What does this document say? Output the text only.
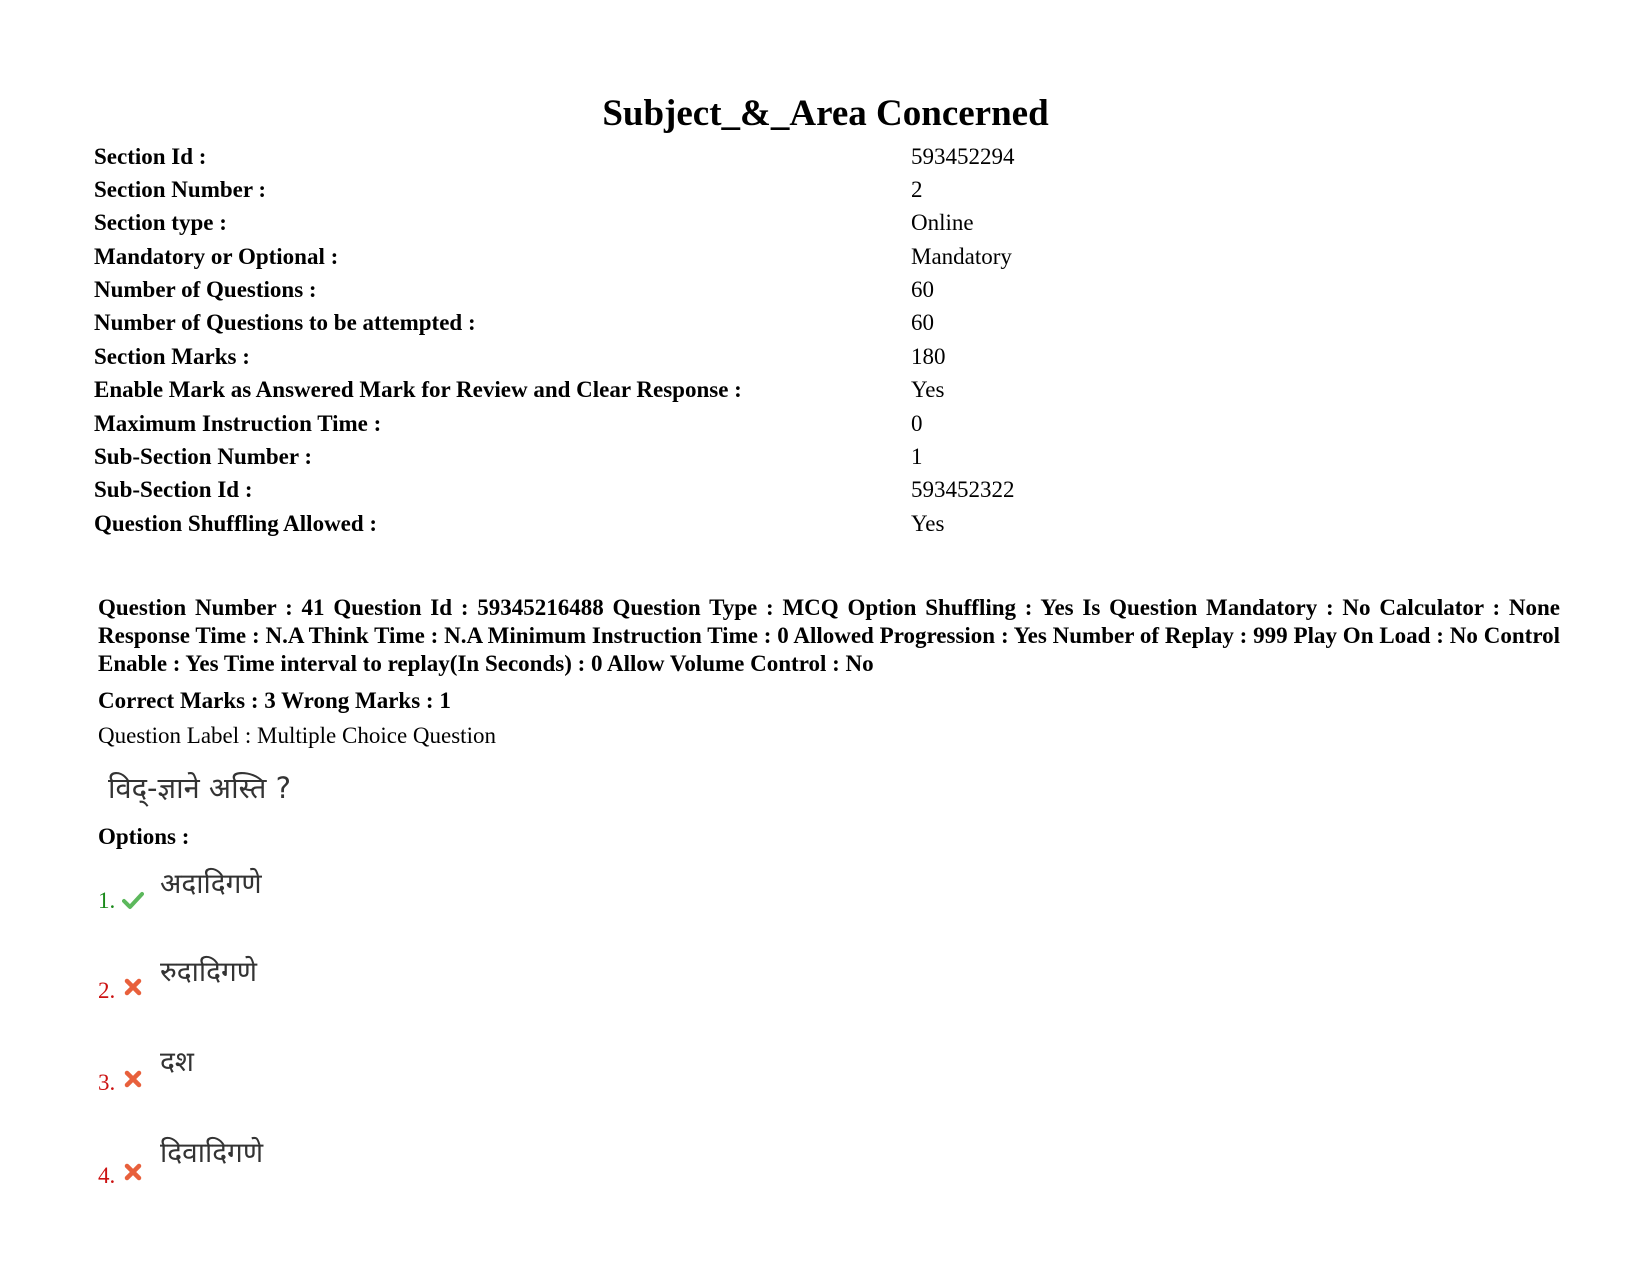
Subject_&_Area Concerned
Section Id :	593452294
Section Number :	2
Section type :	Online
Mandatory or Optional :	Mandatory
Number of Questions :	60
Number of Questions to be attempted :	60
Section Marks :	180
Enable Mark as Answered Mark for Review and Clear Response :	Yes
Maximum Instruction Time :	0
Sub-Section Number :	1
Sub-Section Id :	593452322
Question Shuffling Allowed :	Yes
Question Number : 41 Question Id : 59345216488 Question Type : MCQ Option Shuffling : Yes Is Question Mandatory : No Calculator : None Response Time : N.A Think Time : N.A Minimum Instruction Time : 0 Allowed Progression : Yes Number of Replay : 999 Play On Load : No Control Enable : Yes Time interval to replay(In Seconds) : 0 Allow Volume Control : No
Correct Marks : 3 Wrong Marks : 1
Question Label : Multiple Choice Question
विद्-ज्ञाने अस्ति ?
Options :
1.
अदादिगणे
2.
रुदादिगणे
3.
दश
4.
दिवादिगणे
